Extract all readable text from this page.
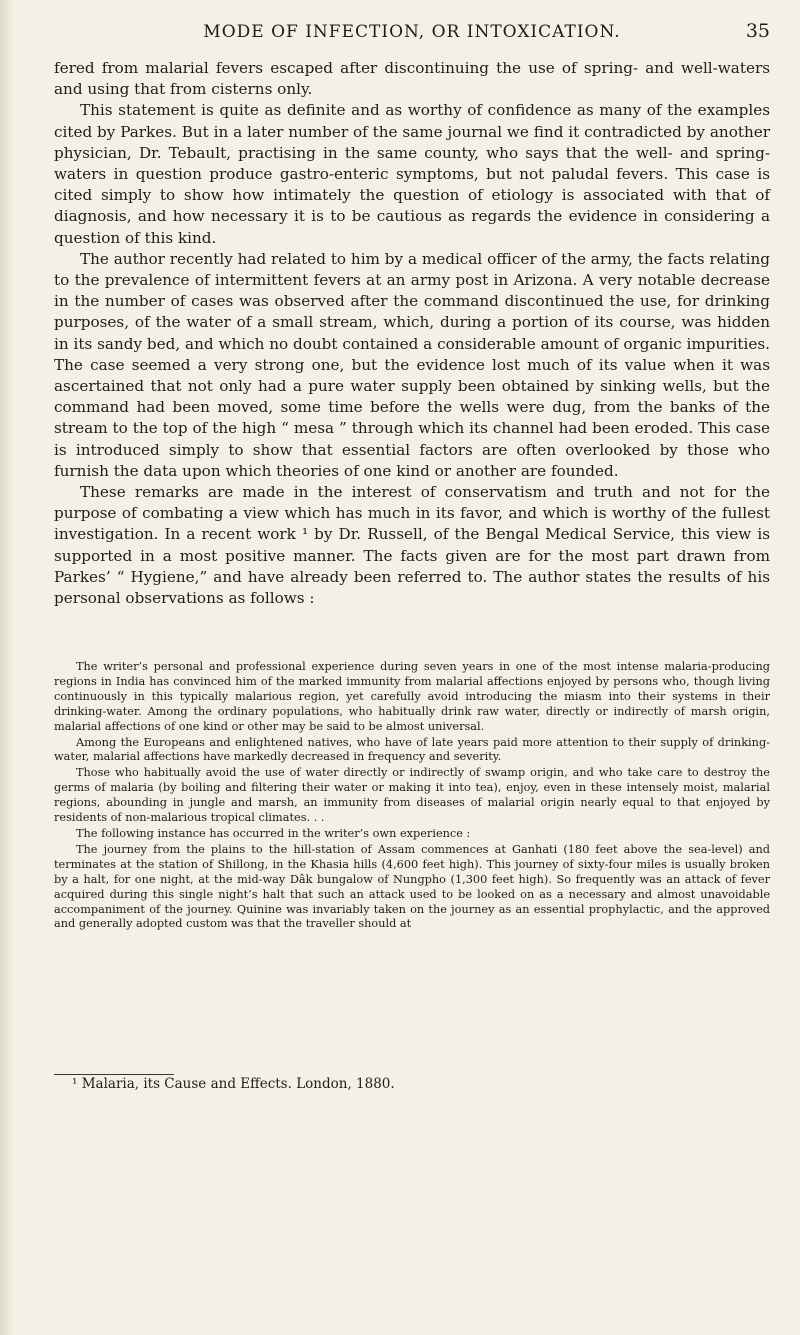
MODE OF INFECTION, OR INTOXICATION.	35

fered from malarial fevers escaped after discontinuing the use of spring- and well-waters and using that from cisterns only.

This statement is quite as definite and as worthy of confidence as many of the examples cited by Parkes. But in a later number of the same journal we find it contradicted by another physician, Dr. Tebault, practising in the same county, who says that the well- and spring-waters in question produce gastro-enteric symptoms, but not paludal fevers. This case is cited simply to show how intimately the question of etiology is associated with that of diagnosis, and how necessary it is to be cautious as regards the evidence in considering a question of this kind.

The author recently had related to him by a medical officer of the army, the facts relating to the prevalence of intermittent fevers at an army post in Arizona. A very notable decrease in the number of cases was observed after the command discontinued the use, for drinking purposes, of the water of a small stream, which, during a portion of its course, was hidden in its sandy bed, and which no doubt contained a considerable amount of organic impurities. The case seemed a very strong one, but the evidence lost much of its value when it was ascertained that not only had a pure water supply been obtained by sinking wells, but the command had been moved, some time before the wells were dug, from the banks of the stream to the top of the high “ mesa ” through which its channel had been eroded. This case is introduced simply to show that essential factors are often overlooked by those who furnish the data upon which theories of one kind or another are founded.

These remarks are made in the interest of conservatism and truth and not for the purpose of combating a view which has much in its favor, and which is worthy of the fullest investigation. In a recent work ¹ by Dr. Russell, of the Bengal Medical Service, this view is supported in a most positive manner. The facts given are for the most part drawn from Parkes’ “ Hygiene,” and have already been referred to. The author states the results of his personal observations as follows :

The writer’s personal and professional experience during seven years in one of the most intense malaria-producing regions in India has convinced him of the marked immunity from malarial affections enjoyed by persons who, though living continuously in this typically malarious region, yet carefully avoid introducing the miasm into their systems in their drinking-water. Among the ordinary populations, who habitually drink raw water, directly or indirectly of marsh origin, malarial affections of one kind or other may be said to be almost universal.

Among the Europeans and enlightened natives, who have of late years paid more attention to their supply of drinking-water, malarial affections have markedly decreased in frequency and severity.

Those who habitually avoid the use of water directly or indirectly of swamp origin, and who take care to destroy the germs of malaria (by boiling and filtering their water or making it into tea), enjoy, even in these intensely moist, malarial regions, abounding in jungle and marsh, an immunity from diseases of malarial origin nearly equal to that enjoyed by residents of non-malarious tropical climates. . .

The following instance has occurred in the writer’s own experience :

The journey from the plains to the hill-station of Assam commences at Ganhati (180 feet above the sea-level) and terminates at the station of Shillong, in the Khasia hills (4,600 feet high). This journey of sixty-four miles is usually broken by a halt, for one night, at the mid-way Dâk bungalow of Nungpho (1,300 feet high). So frequently was an attack of fever acquired during this single night’s halt that such an attack used to be looked on as a necessary and almost unavoidable accompaniment of the journey. Quinine was invariably taken on the journey as an essential prophylactic, and the approved and generally adopted custom was that the traveller should at

¹ Malaria, its Cause and Effects. London, 1880.
